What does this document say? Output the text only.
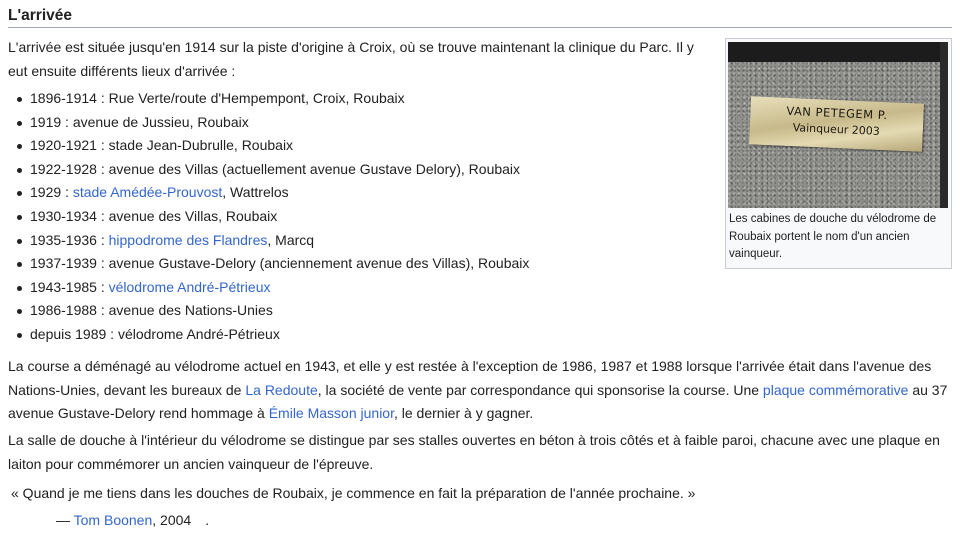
L'arrivée

L'arrivée est située jusqu'en 1914 sur la piste d'origine à Croix, où se trouve maintenant la clinique du Parc. Il y eut ensuite différents lieux d'arrivée :

1896-1914 : Rue Verte/route d'Hempempont, Croix, Roubaix
1919 : avenue de Jussieu, Roubaix
1920-1921 : stade Jean-Dubrulle, Roubaix
1922-1928 : avenue des Villas (actuellement avenue Gustave Delory), Roubaix
1929 : stade Amédée-Prouvost, Wattrelos
1930-1934 : avenue des Villas, Roubaix
1935-1936 : hippodrome des Flandres, Marcq
1937-1939 : avenue Gustave-Delory (anciennement avenue des Villas), Roubaix
1943-1985 : vélodrome André-Pétrieux
1986-1988 : avenue des Nations-Unies
depuis 1989 : vélodrome André-Pétrieux

La course a déménagé au vélodrome actuel en 1943, et elle y est restée à l'exception de 1986, 1987 et 1988 lorsque l'arrivée était dans l'avenue des Nations-Unies, devant les bureaux de La Redoute, la société de vente par correspondance qui sponsorise la course. Une plaque commémorative au 37 avenue Gustave-Delory rend hommage à Émile Masson junior, le dernier à y gagner.

La salle de douche à l'intérieur du vélodrome se distingue par ses stalles ouvertes en béton à trois côtés et à faible paroi, chacune avec une plaque en laiton pour commémorer un ancien vainqueur de l'épreuve.

« Quand je me tiens dans les douches de Roubaix, je commence en fait la préparation de l'année prochaine. »
— Tom Boonen, 2004 .
VAN PETEGEM P.
Vainqueur 2003
Les cabines de douche du vélodrome de Roubaix portent le nom d'un ancien vainqueur.
